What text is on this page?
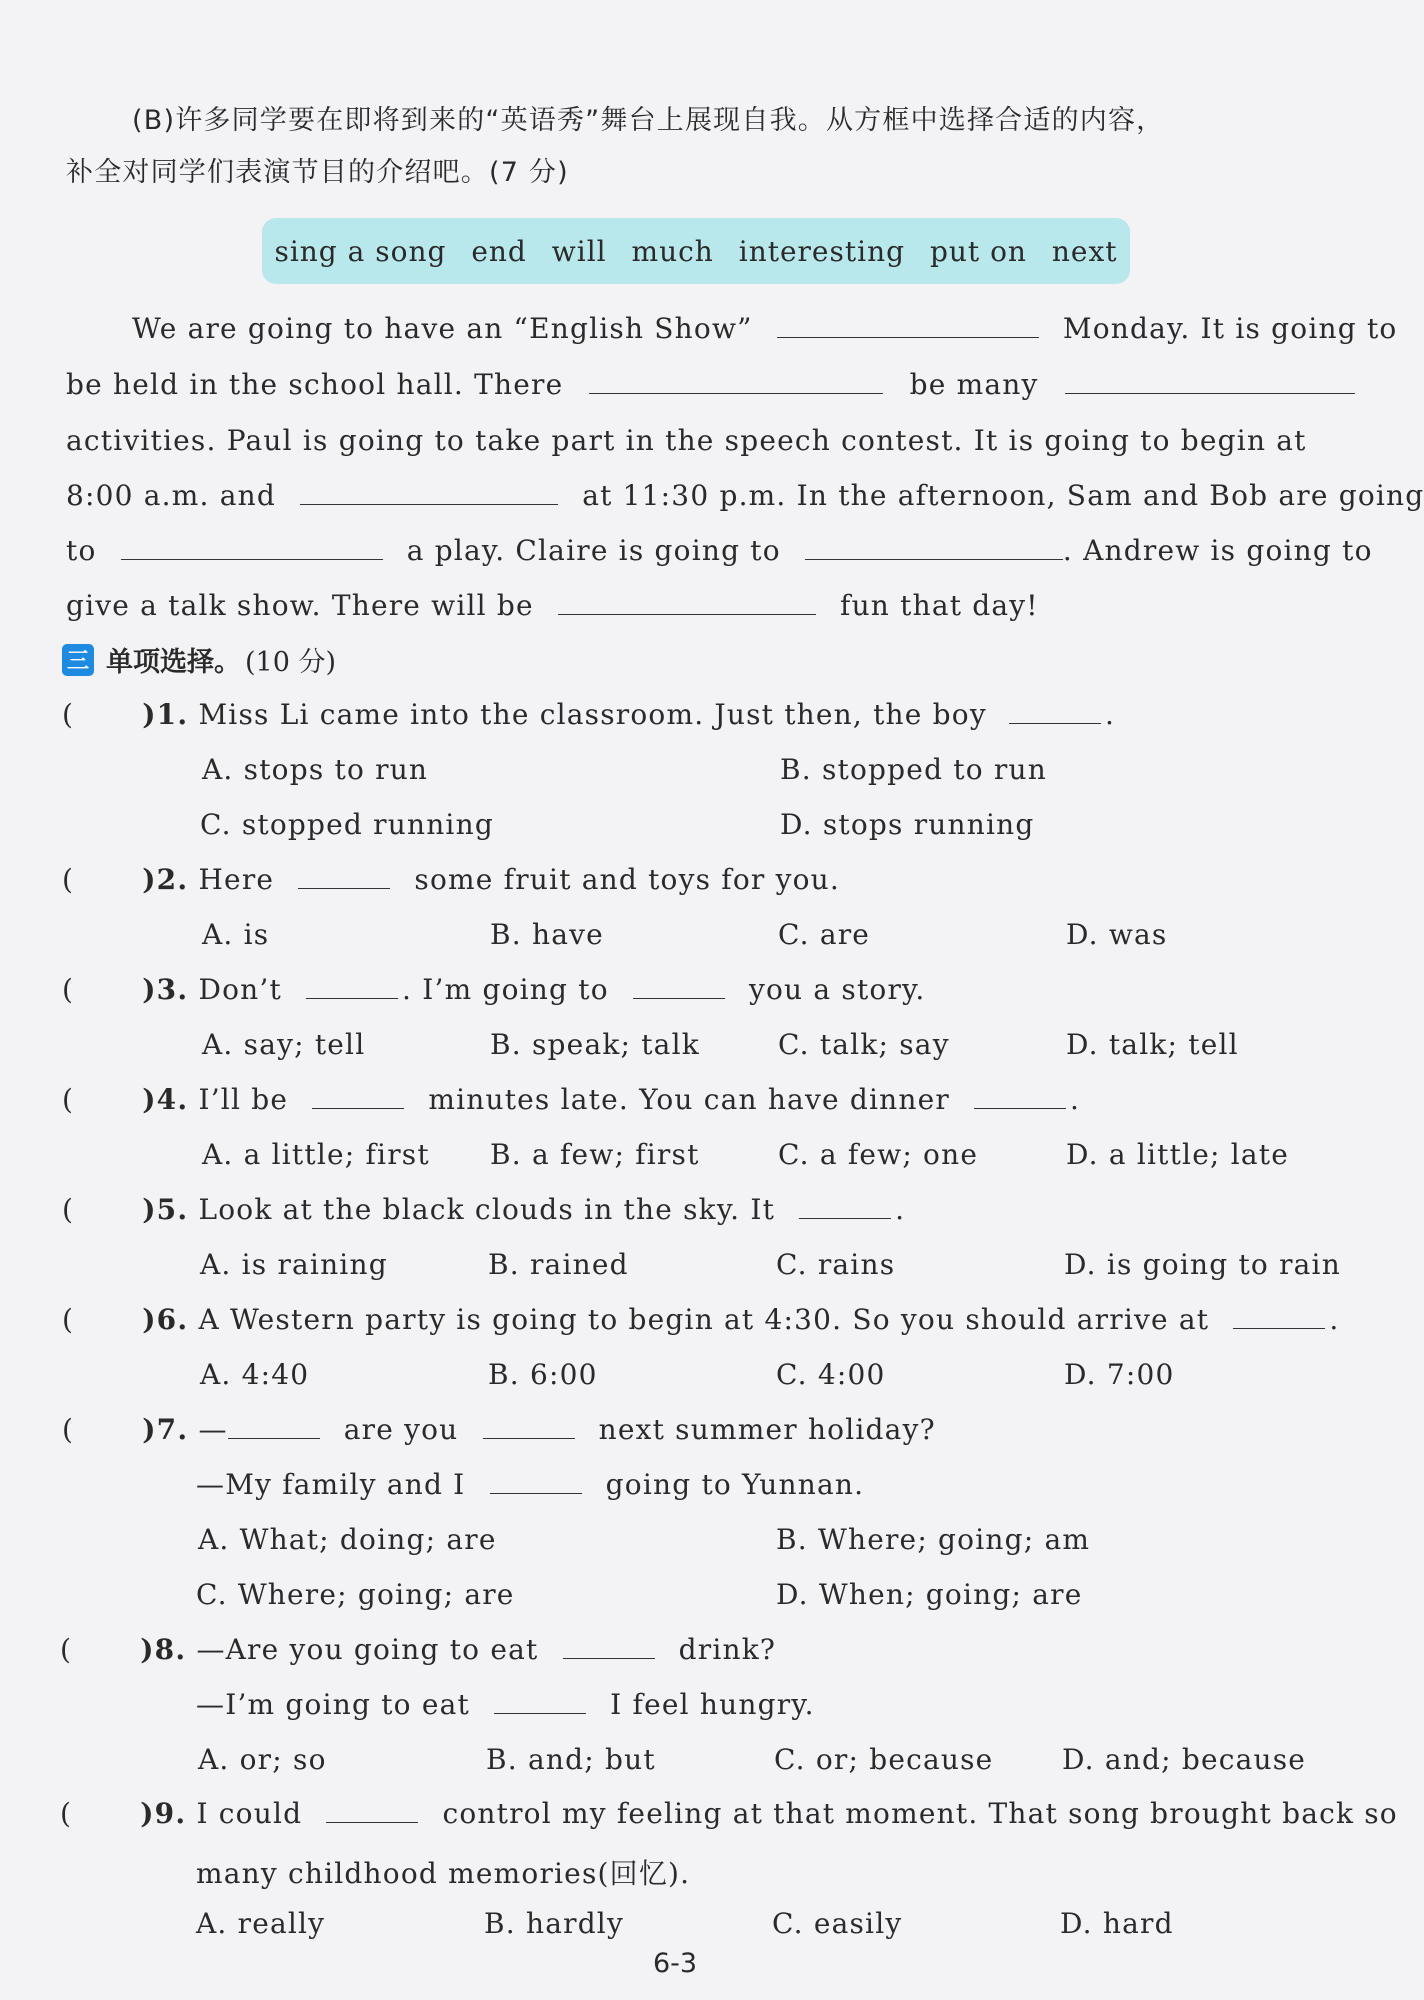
(B)许多同学要在即将到来的“英语秀”舞台上展现自我。从方框中选择合适的内容，
补全对同学们表演节目的介绍吧。(7 分)
sing a song end will much interesting put on next
We are going to have an “English Show”	Monday. It is going to
be held in the school hall. There	be many
activities. Paul is going to take part in the speech contest. It is going to begin at
8:00 a.m. and	at 11:30 p.m. In the afternoon, Sam and Bob are going
to	a play. Claire is going to	. Andrew is going to
give a talk show. There will be	fun that day!
三 单项选择。 (10 分)
( )1. Miss Li came into the classroom. Just then, the boy	.
A. stops to run	B. stopped to run
C. stopped running	D. stops running
( )2. Here	some fruit and toys for you.
A. is	B. have	C. are	D. was
( )3. Don’t	. I’m going to	you a story.
A. say; tell	B. speak; talk	C. talk; say	D. talk; tell
( )4. I’ll be	minutes late. You can have dinner	.
A. a little; first B. a few; first	C. a few; one	D. a little; late
( )5. Look at the black clouds in the sky. It	.
A. is raining	B. rained	C. rains	D. is going to rain
( )6. A Western party is going to begin at 4:30. So you should arrive at	.
A. 4:40	B. 6:00	C. 4:00	D. 7:00
( )7. —	are you	next summer holiday?
—My family and I	going to Yunnan.
A. What; doing; are	B. Where; going; am
C. Where; going; are	D. When; going; are
( )8. —Are you going to eat	drink?
—I’m going to eat	I feel hungry.
A. or; so	B. and; but	C. or; because D. and; because
( )9. I could	control my feeling at that moment. That song brought back so
many childhood memories(回忆).
A. really	B. hardly	C. easily	D. hard
6-3
